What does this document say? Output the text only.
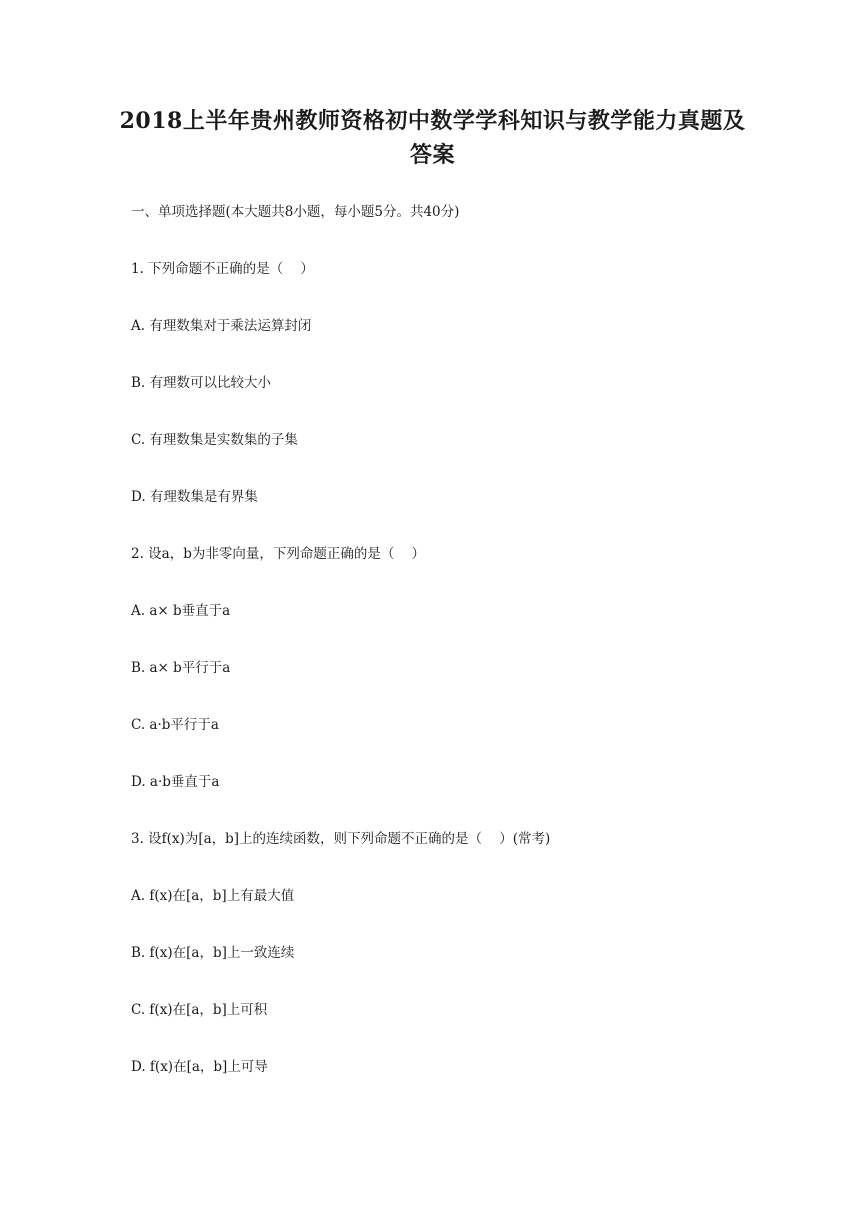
2018上半年贵州教师资格初中数学学科知识与教学能力真题及答案
一、单项选择题(本大题共8小题，每小题5分。共40分)
1. 下列命题不正确的是（    ）
A. 有理数集对于乘法运算封闭
B. 有理数可以比较大小
C. 有理数集是实数集的子集
D. 有理数集是有界集
2. 设a，b为非零向量，下列命题正确的是（    ）
A. a× b垂直于a
B. a× b平行于a
C. a·b平行于a
D. a·b垂直于a
3. 设f(x)为[a，b]上的连续函数，则下列命题不正确的是（    ）(常考)
A. f(x)在[a，b]上有最大值
B. f(x)在[a，b]上一致连续
C. f(x)在[a，b]上可积
D. f(x)在[a，b]上可导
